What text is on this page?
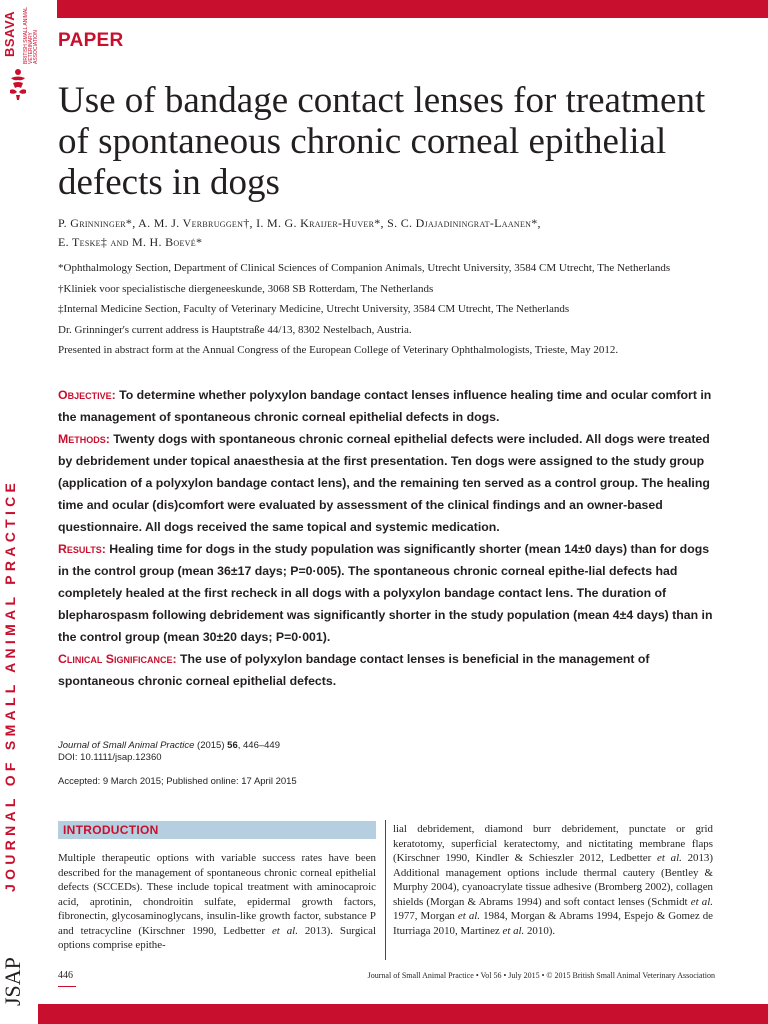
BSAVA	BRITISH SMALL ANIMAL VETERINARY ASSOCIATION
JOURNAL OF SMALL ANIMAL PRACTICE
JSAP
PAPER
Use of bandage contact lenses for treatment of spontaneous chronic corneal epithelial defects in dogs
P. Grinninger*, A. M. J. Verbruggen†, I. M. G. Kraijer-Huver*, S. C. Djajadiningrat-Laanen*,
E. Teske‡ and M. H. Boevé*

*Ophthalmology Section, Department of Clinical Sciences of Companion Animals, Utrecht University, 3584 CM Utrecht, The Netherlands

†Kliniek voor specialistische diergeneeskunde, 3068 SB Rotterdam, The Netherlands

‡Internal Medicine Section, Faculty of Veterinary Medicine, Utrecht University, 3584 CM Utrecht, The Netherlands

Dr. Grinninger's current address is Hauptstraße 44/13, 8302 Nestelbach, Austria.

Presented in abstract form at the Annual Congress of the European College of Veterinary Ophthalmologists, Trieste, May 2012.

Objective: To determine whether polyxylon bandage contact lenses influence healing time and ocular comfort in the management of spontaneous chronic corneal epithelial defects in dogs.

Methods: Twenty dogs with spontaneous chronic corneal epithelial defects were included. All dogs were treated by debridement under topical anaesthesia at the first presentation. Ten dogs were assigned to the study group (application of a polyxylon bandage contact lens), and the remaining ten served as a control group. The healing time and ocular (dis)comfort were evaluated by assessment of the clinical findings and an owner-based questionnaire. All dogs received the same topical and systemic medication.

Results: Healing time for dogs in the study population was significantly shorter (mean 14±0 days) than for dogs in the control group (mean 36±17 days; P=0·005). The spontaneous chronic corneal epithe-lial defects had completely healed at the first recheck in all dogs with a polyxylon bandage contact lens. The duration of blepharospasm following debridement was significantly shorter in the study population (mean 4±4 days) than in the control group (mean 30±20 days; P=0·001).

Clinical Significance: The use of polyxylon bandage contact lenses is beneficial in the management of spontaneous chronic corneal epithelial defects.

Journal of Small Animal Practice (2015) 56, 446–449
DOI: 10.1111/jsap.12360
Accepted: 9 March 2015; Published online: 17 April 2015
INTRODUCTION
Multiple therapeutic options with variable success rates have been described for the management of spontaneous chronic corneal epithelial defects (SCCEDs). These include topical treatment with aminocaproic acid, aprotinin, chondroitin sulfate, epidermal growth factors, fibronectin, glycosaminoglycans, insulin-like growth factor, substance P and tetracycline (Kirschner 1990, Ledbetter et al. 2013). Surgical options comprise epithe-
lial debridement, diamond burr debridement, punctate or grid keratotomy, superficial keratectomy, and nictitating membrane flaps (Kirschner 1990, Kindler & Schieszler 2012, Ledbetter et al. 2013) Additional management options include thermal cautery (Bentley & Murphy 2004), cyanoacrylate tissue adhesive (Bromberg 2002), collagen shields (Morgan & Abrams 1994) and soft contact lenses (Schmidt et al. 1977, Morgan et al. 1984, Morgan & Abrams 1994, Espejo & Gomez de Iturriaga 2010, Martinez et al. 2010).
446	Journal of Small Animal Practice • Vol 56 • July 2015 • © 2015 British Small Animal Veterinary Association
